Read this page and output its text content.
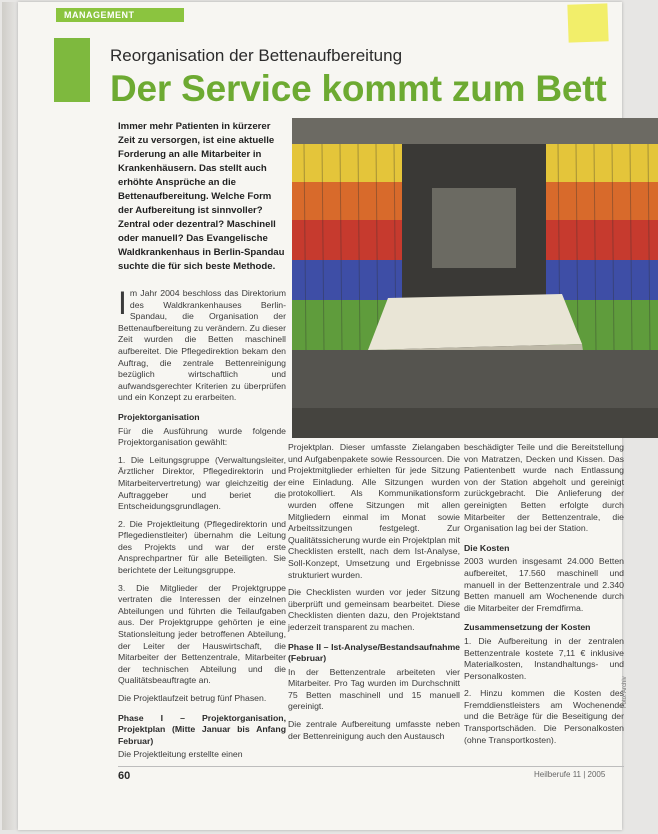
MANAGEMENT
Reorganisation der Bettenaufbereitung
Der Service kommt zum Bett
Immer mehr Patienten in kürzerer Zeit zu versorgen, ist eine aktuelle Forderung an alle Mitarbeiter in Krankenhäusern. Das stellt auch erhöhte Ansprüche an die Bettenaufbereitung. Welche Form der Aufbereitung ist sinnvoller? Zentral oder dezentral? Maschinell oder manuell? Das Evangelische Waldkrankenhaus in Berlin-Spandau suchte die für sich beste Methode.

Im Jahr 2004 beschloss das Direktorium des Waldkrankenhauses Berlin-Spandau, die Organisation der Bettenaufbereitung zu verändern. Zu dieser Zeit wurden die Betten maschinell aufbereitet. Die Pflegedirektion bekam den Auftrag, die zentrale Bettenreinigung bezüglich wirtschaftlich und aufwandsgerechter Kriterien zu überprüfen und ein Konzept zu erarbeiten.

Projektorganisation

Für die Ausführung wurde folgende Projektorganisation gewählt:

1. Die Leitungsgruppe (Verwaltungsleiter, Ärztlicher Direktor, Pflegedirektorin und Mitarbeitervertretung) war gleichzeitig der Auftraggeber und beriet die Entscheidungsgrundlagen.

2. Die Projektleitung (Pflegedirektorin und Pflegedienstleiter) übernahm die Leitung des Projekts und war der erste Ansprechpartner für alle Beteiligten. Sie berichtete der Leitungsgruppe.

3. Die Mitglieder der Projektgruppe vertraten die Interessen der einzelnen Abteilungen und führten die Teilaufgaben aus. Der Projektgruppe gehörten je eine Stationsleitung jeder betroffenen Abteilung, der Leiter der Hauswirtschaft, die Mitarbeiter der Bettenzentrale, Mitarbeiter der technischen Abteilung und die Qualitätsbeauftragte an.

Die Projektlaufzeit betrug fünf Phasen.

Phase I – Projektorganisation, Projektplan (Mitte Januar bis Anfang Februar)

Die Projektleitung erstellte einen

Projektplan. Dieser umfasste Zielangaben und Aufgabenpakete sowie Ressourcen. Die Projektmitglieder erhielten für jede Sitzung eine Einladung. Alle Sitzungen wurden protokolliert. Als Kommunikationsform wurden offene Sitzungen mit allen Mitgliedern einmal im Monat sowie Arbeitssitzungen festgelegt. Zur Qualitätssicherung wurde ein Projektplan mit Checklisten erstellt, nach dem Ist-Analyse, Soll-Konzept, Umsetzung und Ergebnisse strukturiert wurden.

Die Checklisten wurden vor jeder Sitzung überprüft und gemeinsam bearbeitet. Diese Checklisten dienten dazu, den Projektstand jederzeit transparent zu machen.

Phase II – Ist-Analyse/Bestandsaufnahme (Februar)

In der Bettenzentrale arbeiteten vier Mitarbeiter. Pro Tag wurden im Durchschnitt 75 Betten maschinell und 15 manuell gereinigt.

Die zentrale Aufbereitung umfasste neben der Bettenreinigung auch den Austausch

beschädigter Teile und die Bereitstellung von Matratzen, Decken und Kissen. Das Patientenbett wurde nach Entlassung von der Station abgeholt und gereinigt zurückgebracht. Die Anlieferung der gereinigten Betten erfolgte durch Mitarbeiter der Bettenzentrale, die Organisation lag bei der Station.

Die Kosten

2003 wurden insgesamt 24.000 Betten aufbereitet, 17.560 maschinell und manuell in der Bettenzentrale und 2.340 Betten manuell am Wochenende durch die Mitarbeiter der Fremdfirma.

Zusammensetzung der Kosten

1. Die Aufbereitung in der zentralen Bettenzentrale kostete 7,11 € inklusive Materialkosten, Instandhaltungs- und Personalkosten.

2. Hinzu kommen die Kosten des Fremddienstleisters am Wochenende und die Beträge für die Beseitigung der Transportschäden. Die Personalkosten (ohne Transportkosten).

Foto: Archiv
60	Heilberufe 11 | 2005
